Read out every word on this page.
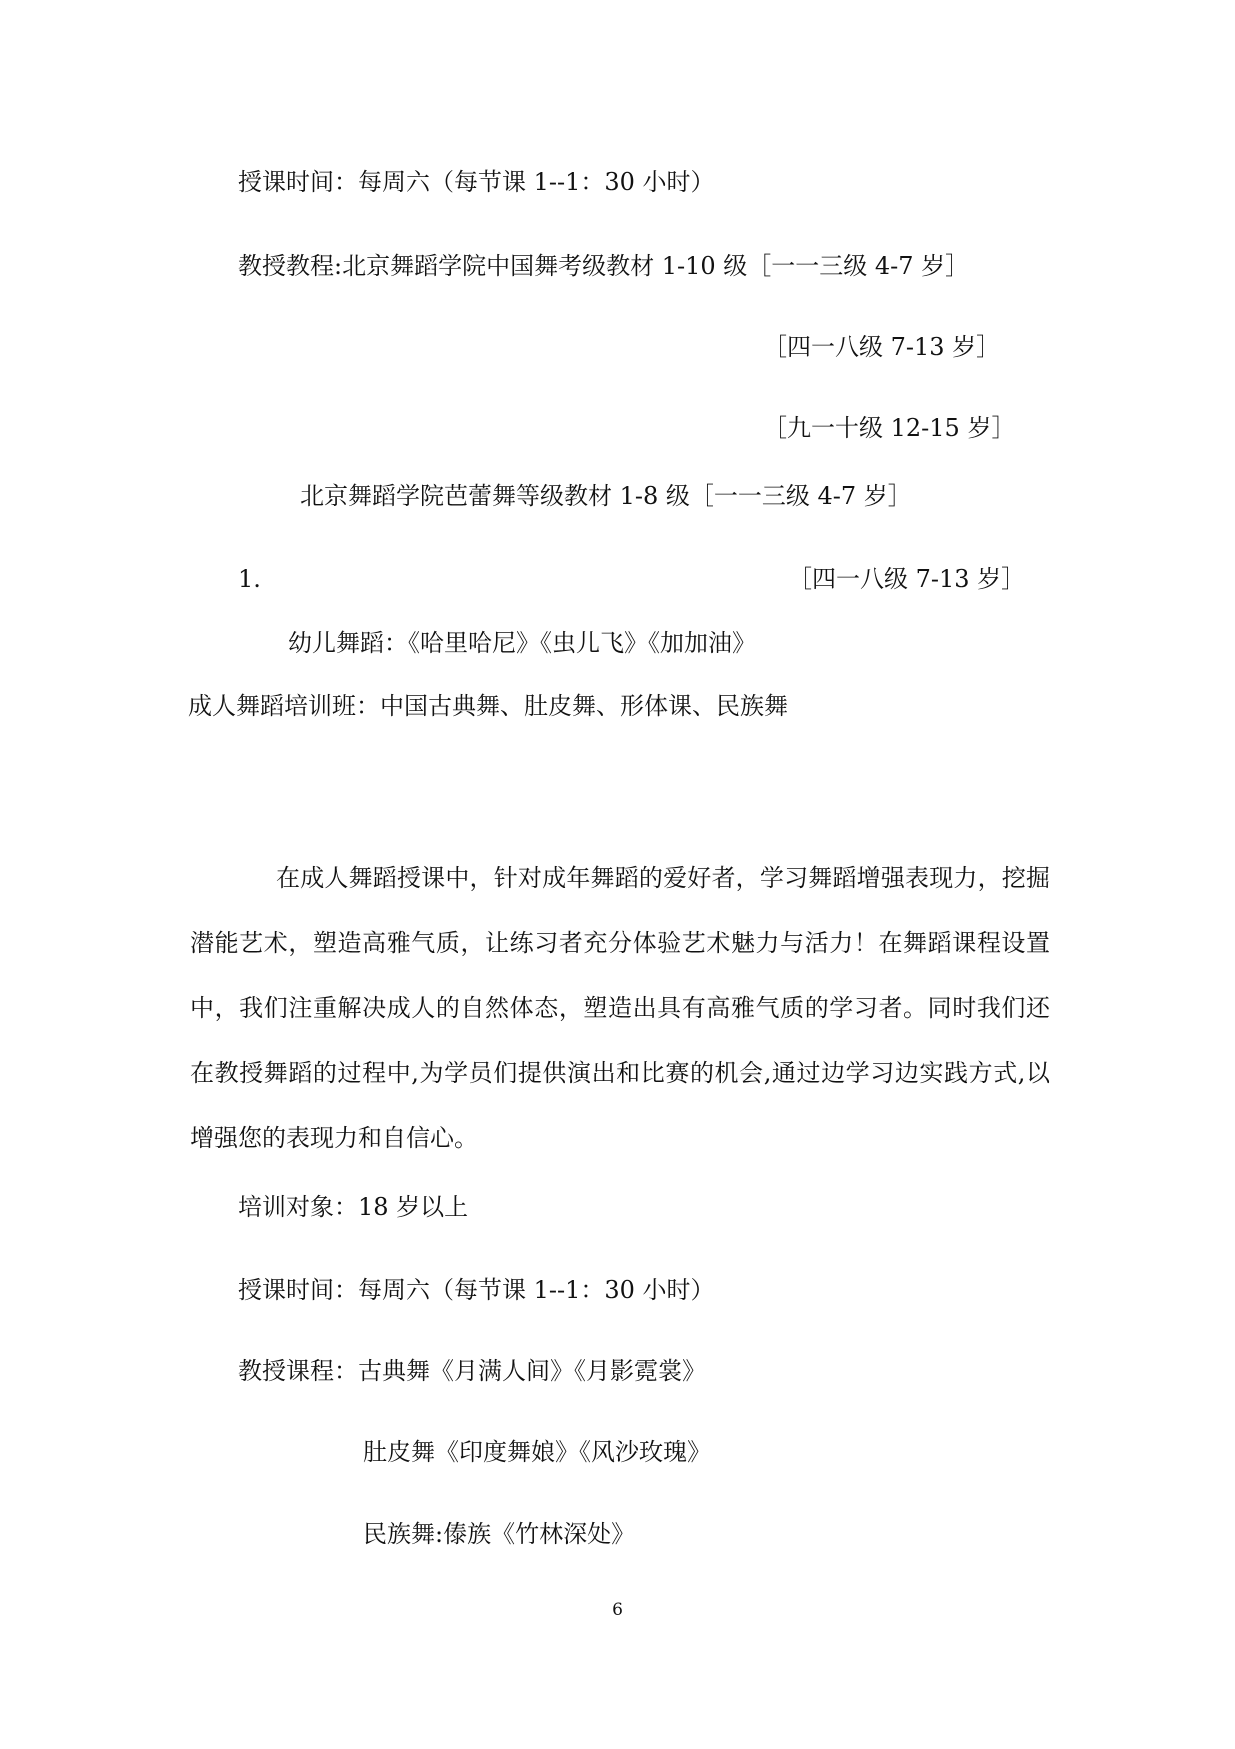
授课时间：每周六（每节课 1--1：30 小时）
教授教程:北京舞蹈学院中国舞考级教材 1-10 级［一一三级 4-7 岁］
［四一八级 7-13 岁］
［九一十级 12-15 岁］
北京舞蹈学院芭蕾舞等级教材 1-8 级［一一三级 4-7 岁］
1.	［四一八级 7-13 岁］
幼儿舞蹈：《哈里哈尼》《虫儿飞》《加加油》
成人舞蹈培训班：中国古典舞、肚皮舞、形体课、民族舞
在成人舞蹈授课中，针对成年舞蹈的爱好者，学习舞蹈增强表现力，挖掘潜能艺术，塑造高雅气质，让练习者充分体验艺术魅力与活力！在舞蹈课程设置中，我们注重解决成人的自然体态，塑造出具有高雅气质的学习者。同时我们还在教授舞蹈的过程中,为学员们提供演出和比赛的机会,通过边学习边实践方式,以增强您的表现力和自信心。
培训对象：18 岁以上
授课时间：每周六（每节课 1--1：30 小时）
教授课程：古典舞《月满人间》《月影霓裳》
肚皮舞《印度舞娘》《风沙玫瑰》
民族舞:傣族《竹林深处》
6
